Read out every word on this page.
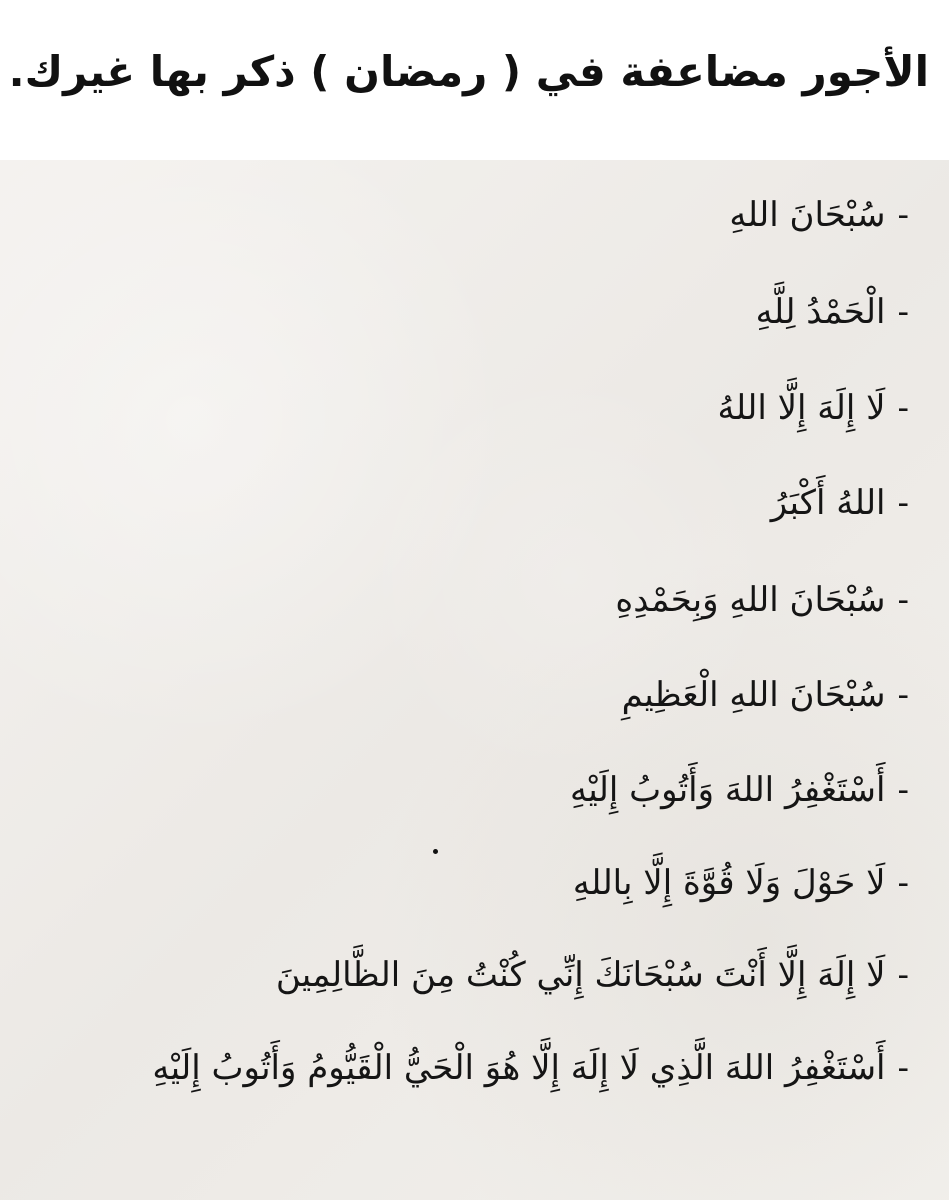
الأجور مضاعفة في ( رمضان ) ذكر بها غيرك.
-سُبْحَانَ اللهِ
-الْحَمْدُ لِلَّهِ
-لَا إِلَهَ إِلَّا اللهُ
-اللهُ أَكْبَرُ
-سُبْحَانَ اللهِ وَبِحَمْدِهِ
-سُبْحَانَ اللهِ الْعَظِيمِ
-أَسْتَغْفِرُ اللهَ وَأَتُوبُ إِلَيْهِ
-لَا حَوْلَ وَلَا قُوَّةَ إِلَّا بِاللهِ
-لَا إِلَهَ إِلَّا أَنْتَ سُبْحَانَكَ إِنِّي كُنْتُ مِنَ الظَّالِمِينَ
-أَسْتَغْفِرُ اللهَ الَّذِي لَا إِلَهَ إِلَّا هُوَ الْحَيُّ الْقَيُّومُ وَأَتُوبُ إِلَيْهِ
